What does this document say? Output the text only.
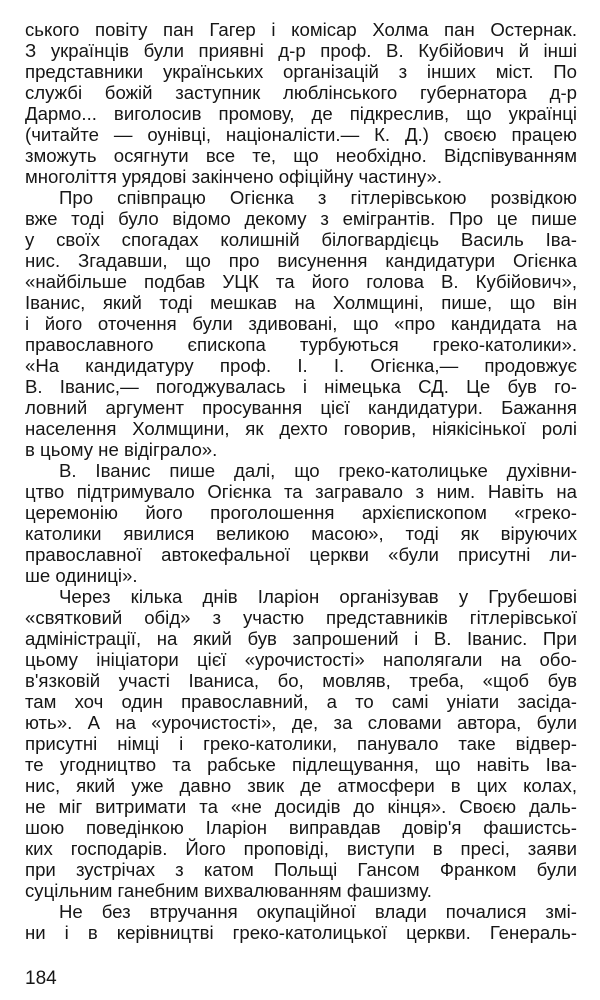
ського повіту пан Гагер і комісар Холма пан Остернак.
З українців були приявні д-р проф. В. Кубійович й інші
представники українських організацій з інших міст. По
службі божій заступник люблінського губернатора д-р
Дармо... виголосив промову, де підкреслив, що українці
(читайте — оунівці, націоналісти.— К. Д.) своєю працею
зможуть осягнути все те, що необхідно. Відспівуванням
многоліття урядові закінчено офіційну частину».
Про співпрацю Огієнка з гітлерівською розвідкою
вже тоді було відомо декому з емігрантів. Про це пише
у своїх спогадах колишній білогвардієць Василь Іва-
нис. Згадавши, що про висунення кандидатури Огієнка
«найбільше подбав УЦК та його голова В. Кубійович»,
Іванис, який тоді мешкав на Холмщині, пише, що він
і його оточення були здивовані, що «про кандидата на
православного єпископа турбуються греко-католики».
«На кандидатуру проф. І. І. Огієнка,— продовжує
В. Іванис,— погоджувалась і німецька СД. Це був го-
ловний аргумент просування цієї кандидатури. Бажання
населення Холмщини, як дехто говорив, ніякісінької ролі
в цьому не відіграло».
В. Іванис пише далі, що греко-католицьке духівни-
цтво підтримувало Огієнка та загравало з ним. Навіть на
церемонію його проголошення архієпископом «греко-
католики явилися великою масою», тоді як віруючих
православної автокефальної церкви «були присутні ли-
ше одиниці».
Через кілька днів Іларіон організував у Грубешові
«святковий обід» з участю представників гітлерівської
адміністрації, на який був запрошений і В. Іванис. При
цьому ініціатори цієї «урочистості» наполягали на обо-
в'язковій участі Іваниса, бо, мовляв, треба, «щоб був
там хоч один православний, а то самі уніати засіда-
ють». А на «урочистості», де, за словами автора, були
присутні німці і греко-католики, панувало таке відвер-
те угодництво та рабське підлещування, що навіть Іва-
нис, який уже давно звик де атмосфери в цих колах,
не міг витримати та «не досидів до кінця». Своєю даль-
шою поведінкою Іларіон виправдав довір'я фашистсь-
ких господарів. Його проповіді, виступи в пресі, заяви
при зустрічах з катом Польщі Гансом Франком були
суцільним ганебним вихвалюванням фашизму.
Не без втручання окупаційної влади почалися змі-
ни і в керівництві греко-католицької церкви. Генераль-
184
